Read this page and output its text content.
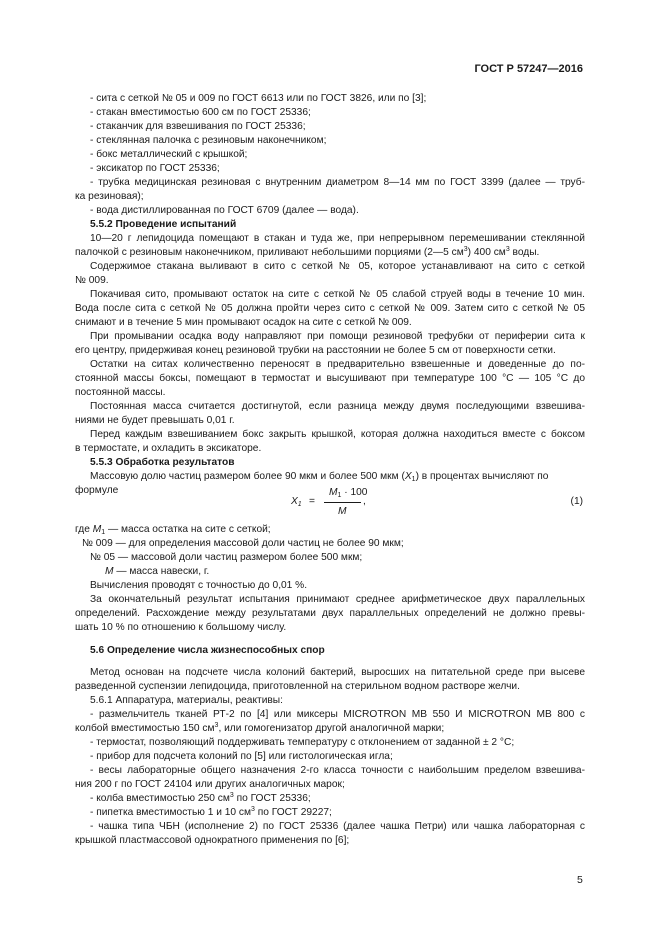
ГОСТ Р 57247—2016
- сита с сеткой № 05 и 009 по ГОСТ 6613 или по ГОСТ 3826, или по [3];
- стакан вместимостью 600 см по ГОСТ 25336;
- стаканчик для взвешивания по ГОСТ 25336;
- стеклянная палочка с резиновым наконечником;
- бокс металлический с крышкой;
- эксикатор по ГОСТ 25336;
- трубка медицинская резиновая с внутренним диаметром 8—14 мм по ГОСТ 3399 (далее — труб-
ка резиновая);
- вода дистиллированная по ГОСТ 6709 (далее — вода).
5.5.2 Проведение испытаний
10—20 г лепидоцида помещают в стакан и туда же, при непрерывном перемешивании стеклянной
палочкой с резиновым наконечником, приливают небольшими порциями (2—5 $см^3$) 400 $см^3$ воды.
Содержимое стакана выливают в сито с сеткой № 05, которое устанавливают на сито с сеткой
№ 009.
Покачивая сито, промывают остаток на сите с сеткой № 05 слабой струей воды в течение 10 мин.
Вода после сита с сеткой № 05 должна пройти через сито с сеткой № 009. Затем сито с сеткой № 05
снимают и в течение 5 мин промывают осадок на сите с сеткой № 009.
При промывании осадка воду направляют при помощи резиновой трефубки от периферии сита к
его центру, придерживая конец резиновой трубки на расстоянии не более 5 см от поверхности сетки.
Остатки на ситах количественно переносят в предварительно взвешенные и доведенные до по-
стоянной массы боксы, помещают в термостат и высушивают при температуре 100 °С — 105 °С до
постоянной массы.
Постоянная масса считается достигнутой, если разница между двумя последующими взвешива-
ниями не будет превышать 0,01 г.
Перед каждым взвешиванием бокс закрыть крышкой, которая должна находиться вместе с боксом
в термостате, и охладить в эксикаторе.
5.5.3 Обработка результатов
Массовую долю частиц размером более 90 мкм и более 500 мкм $(X_1)$ в процентах вычисляют по
формуле
$X_1$ =
$M_1 \cdot 100$
M
,	(1)
где $M_1$ — масса остатка на сите с сеткой;
№ 009 — для определения массовой доли частиц не более 90 мкм;
№ 05 — массовой доли частиц размером более 500 мкм;
M — масса навески, г.
Вычисления проводят с точностью до 0,01 %.
За окончательный результат испытания принимают среднее арифметическое двух параллельных
определений. Расхождение между результатами двух параллельных определений не должно превы-
шать 10 % по отношению к большому числу.
5.6 Определение числа жизнеспособных спор
Метод основан на подсчете числа колоний бактерий, выросших на питательной среде при высеве
разведенной суспензии лепидоцида, приготовленной на стерильном водном растворе желчи.
5.6.1 Аппаратура, материалы, реактивы:
- размельчитель тканей РТ-2 по [4] или миксеры MICROTRON MB 550 И MICROTRON MB 800 с
колбой вместимостью 150 $см^3$, или гомогенизатор другой аналогичной марки;
- термостат, позволяющий поддерживать температуру с отклонением от заданной ± 2 °С;
- прибор для подсчета колоний по [5] или гистологическая игла;
- весы лабораторные общего назначения 2-го класса точности с наибольшим пределом взвешива-
ния 200 г по ГОСТ 24104 или других аналогичных марок;
- колба вместимостью 250 $см^3$ по ГОСТ 25336;
- пипетка вместимостью 1 и 10 $см^3$ по ГОСТ 29227;
- чашка типа ЧБН (исполнение 2) по ГОСТ 25336 (далее чашка Петри) или чашка лабораторная с
крышкой пластмассовой однократного применения по [6];
5
